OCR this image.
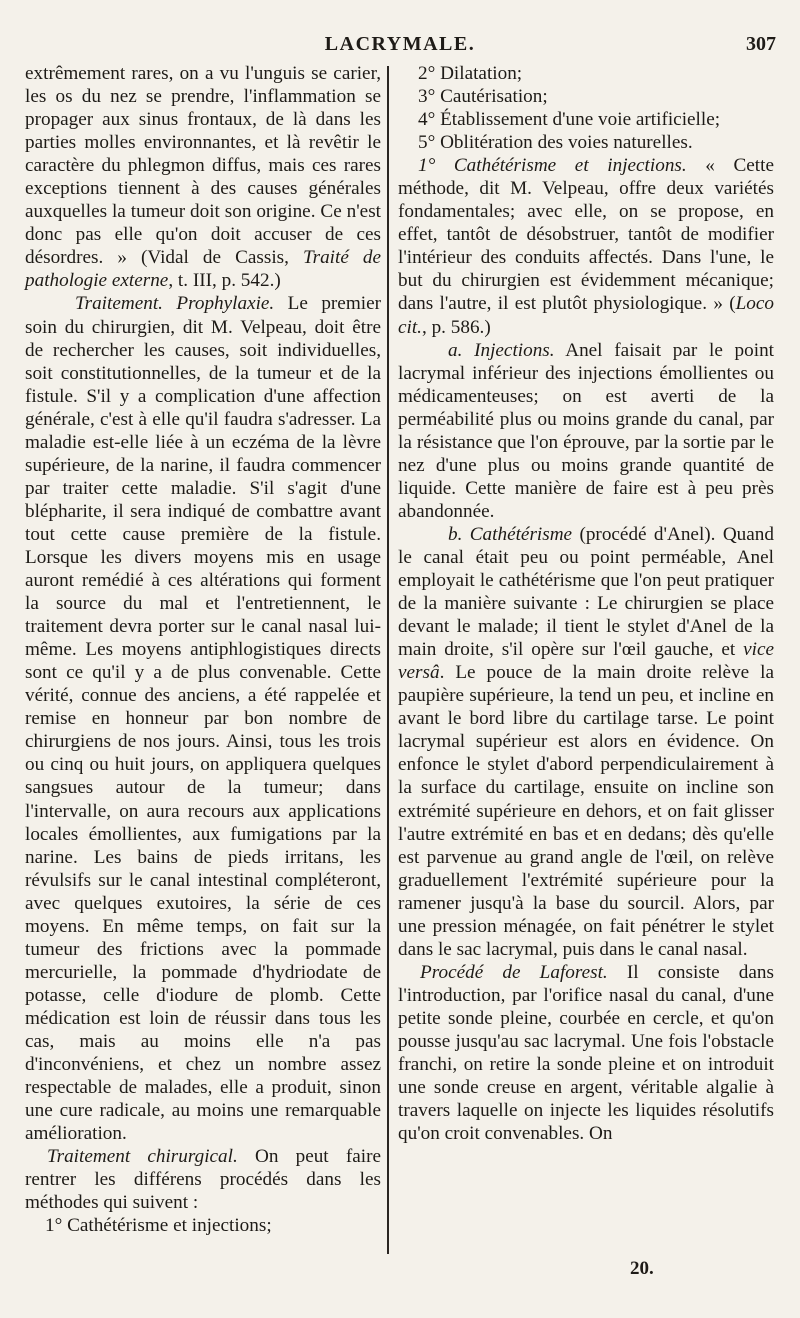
LACRYMALE.	307

extrêmement rares, on a vu l'unguis se carier, les os du nez se prendre, l'inflammation se propager aux sinus frontaux, de là dans les parties molles environnantes, et là revêtir le caractère du phlegmon diffus, mais ces rares exceptions tiennent à des causes générales auxquelles la tumeur doit son origine. Ce n'est donc pas elle qu'on doit accuser de ces désordres. » (Vidal de Cassis, Traité de pathologie externe, t. III, p. 542.)

Traitement. Prophylaxie. Le premier soin du chirurgien, dit M. Velpeau, doit être de rechercher les causes, soit individuelles, soit constitutionnelles, de la tumeur et de la fistule. S'il y a complication d'une affection générale, c'est à elle qu'il faudra s'adresser. La maladie est-elle liée à un eczéma de la lèvre supérieure, de la narine, il faudra commencer par traiter cette maladie. S'il s'agit d'une blépharite, il sera indiqué de combattre avant tout cette cause première de la fistule. Lorsque les divers moyens mis en usage auront remédié à ces altérations qui forment la source du mal et l'entretiennent, le traitement devra porter sur le canal nasal lui-même. Les moyens antiphlogistiques directs sont ce qu'il y a de plus convenable. Cette vérité, connue des anciens, a été rappelée et remise en honneur par bon nombre de chirurgiens de nos jours. Ainsi, tous les trois ou cinq ou huit jours, on appliquera quelques sangsues autour de la tumeur; dans l'intervalle, on aura recours aux applications locales émollientes, aux fumigations par la narine. Les bains de pieds irritans, les révulsifs sur le canal intestinal compléteront, avec quelques exutoires, la série de ces moyens. En même temps, on fait sur la tumeur des frictions avec la pommade mercurielle, la pommade d'hydriodate de potasse, celle d'iodure de plomb. Cette médication est loin de réussir dans tous les cas, mais au moins elle n'a pas d'inconvéniens, et chez un nombre assez respectable de malades, elle a produit, sinon une cure radicale, au moins une remarquable amélioration.

Traitement chirurgical. On peut faire rentrer les différens procédés dans les méthodes qui suivent :

1° Cathétérisme et injections;

2° Dilatation;

3° Cautérisation;

4° Établissement d'une voie artificielle;

5° Oblitération des voies naturelles.

1° Cathétérisme et injections. « Cette méthode, dit M. Velpeau, offre deux variétés fondamentales; avec elle, on se propose, en effet, tantôt de désobstruer, tantôt de modifier l'intérieur des conduits affectés. Dans l'une, le but du chirurgien est évidemment mécanique; dans l'autre, il est plutôt physiologique. » (Loco cit., p. 586.)

a. Injections. Anel faisait par le point lacrymal inférieur des injections émollientes ou médicamenteuses; on est averti de la perméabilité plus ou moins grande du canal, par la résistance que l'on éprouve, par la sortie par le nez d'une plus ou moins grande quantité de liquide. Cette manière de faire est à peu près abandonnée.

b. Cathétérisme (procédé d'Anel). Quand le canal était peu ou point perméable, Anel employait le cathétérisme que l'on peut pratiquer de la manière suivante : Le chirurgien se place devant le malade; il tient le stylet d'Anel de la main droite, s'il opère sur l'œil gauche, et vice versâ. Le pouce de la main droite relève la paupière supérieure, la tend un peu, et incline en avant le bord libre du cartilage tarse. Le point lacrymal supérieur est alors en évidence. On enfonce le stylet d'abord perpendiculairement à la surface du cartilage, ensuite on incline son extrémité supérieure en dehors, et on fait glisser l'autre extrémité en bas et en dedans; dès qu'elle est parvenue au grand angle de l'œil, on relève graduellement l'extrémité supérieure pour la ramener jusqu'à la base du sourcil. Alors, par une pression ménagée, on fait pénétrer le stylet dans le sac lacrymal, puis dans le canal nasal.

Procédé de Laforest. Il consiste dans l'introduction, par l'orifice nasal du canal, d'une petite sonde pleine, courbée en cercle, et qu'on pousse jusqu'au sac lacrymal. Une fois l'obstacle franchi, on retire la sonde pleine et on introduit une sonde creuse en argent, véritable algalie à travers laquelle on injecte les liquides résolutifs qu'on croit convenables. On

20.
